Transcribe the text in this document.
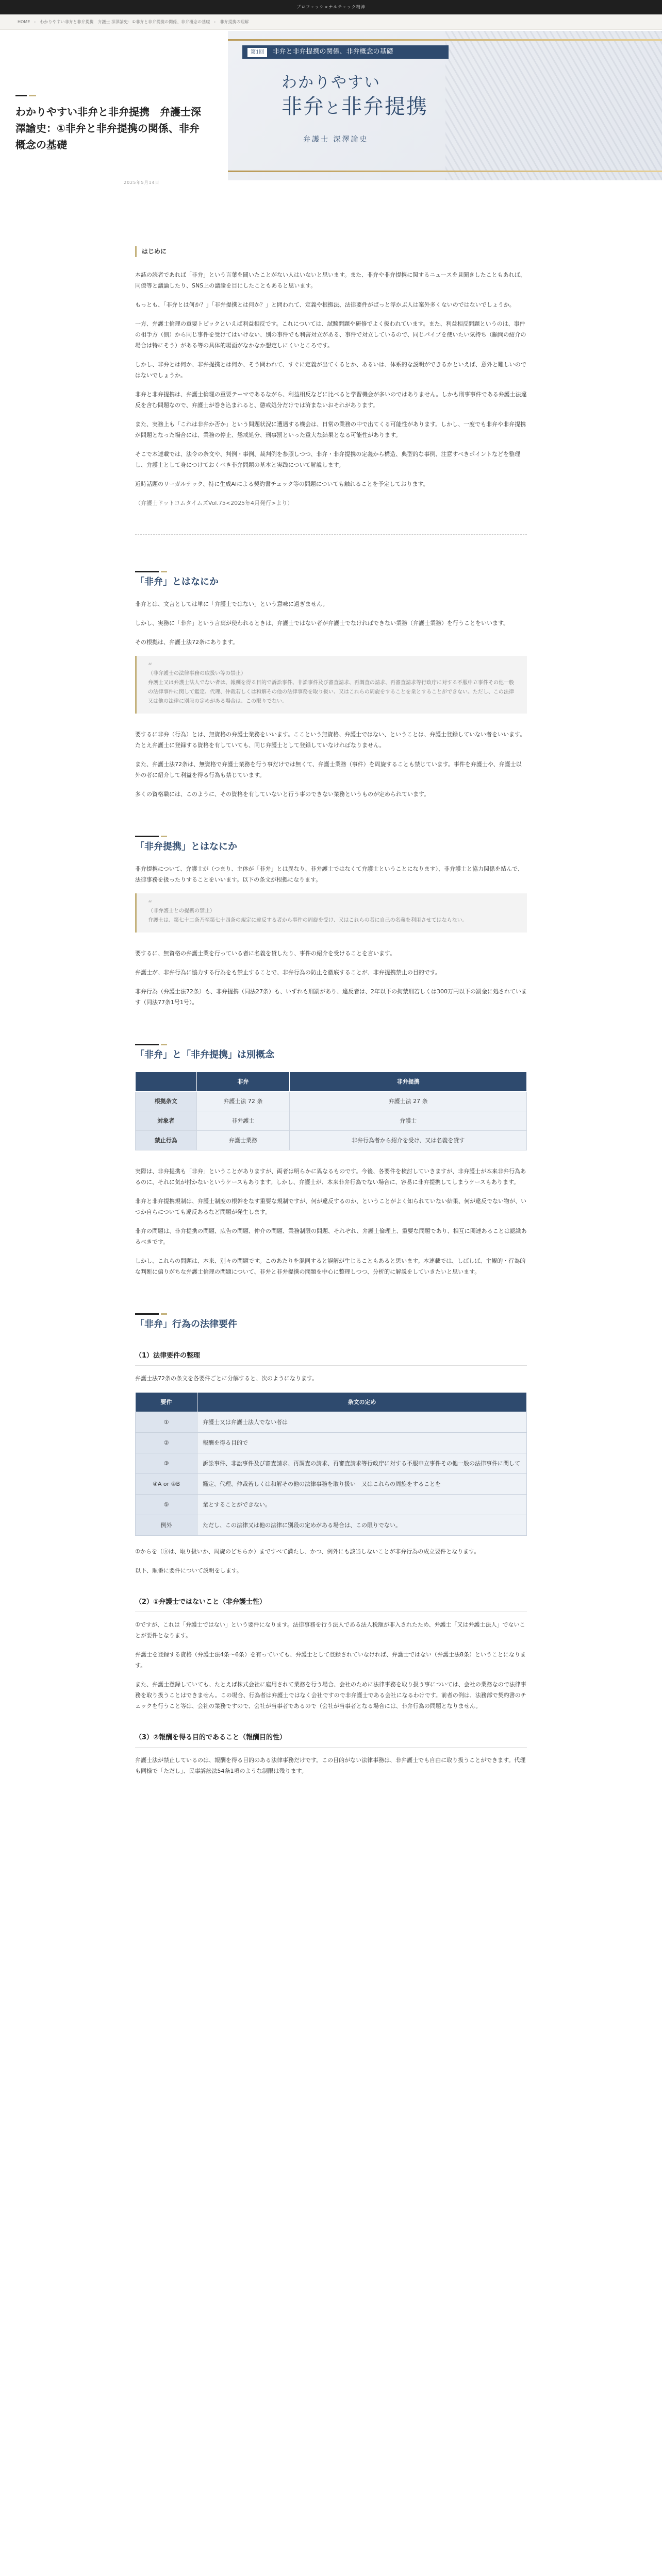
プロフェッショナルチェック精神
HOME › わかりやすい非弁と非弁提携　弁護士 深澤諭史：①非弁と非弁提携の関係、非弁概念の基礎 › 非弁提携の理解
わかりやすい非弁と非弁提携　弁護士深澤諭史：①非弁と非弁提携の関係、非弁概念の基礎
2025年5月14日
第1回 非弁と非弁提携の関係、非弁概念の基礎
わかりやすい
非弁と非弁提携
弁護士 深澤諭史
はじめに

本誌の読者であれば「非弁」という言葉を聞いたことがない人はいないと思います。また、非弁や非弁提携に関するニュースを見聞きしたこともあれば、同僚等と議論したり、SNS上の議論を目にしたこともあると思います。

もっとも、「非弁とは何か？」「非弁提携とは何か？」と問われて、定義や根拠法、法律要件がぱっと浮かぶ人は案外多くないのではないでしょうか。

一方、弁護士倫理の重要トピックといえば利益相反です。これについては、試験問題や研修でよく扱われています。また、利益相反問題というのは、事件の相手方（側）から同じ事件を受けてはいけない、別の事件でも利害対立がある、事件で対立しているので、同じパイプを使いたい気持ち（顧問の紹介の場合は特にそう）がある等の具体的場面がなかなか想定しにくいところです。

しかし、非弁とは何か、非弁提携とは何か、そう問われて、すぐに定義が出てくるとか、あるいは、体系的な説明ができるかといえば、意外と難しいのではないでしょうか。

非弁と非弁提携は、弁護士倫理の重要テーマであるながら、利益相反などに比べると学習機会が多いのではありません。しかも刑事事件である弁護士法違反を含む問題なので、弁護士が巻き込まれると、懲戒処分だけでは済まないおそれがあります。

また、実務上も「これは非弁か否か」という問題状況に遭遇する機会は、日常の業務の中で出てくる可能性があります。しかし、一度でも非弁や非弁提携が問題となった場合には、業務の停止、懲戒処分、刑事罰といった重大な結果となる可能性があります。

そこで本連載では、法令の条文や、判例・事例、裁判例を参照しつつ、非弁・非弁提携の定義から構造、典型的な事例、注意すべきポイントなどを整理し、弁護士として身につけておくべき非弁問題の基本と実践について解説します。

近時話題のリーガルテック、特に生成AIによる契約書チェック等の問題についても触れることを予定しております。

（弁護士ドットコムタイムズVol.75<2025年4月発行>より）

「非弁」とはなにか

非弁とは、文言としては単に「弁護士ではない」という意味に過ぎません。

しかし、実務に「非弁」という言葉が使われるときは、弁護士ではない者が弁護士でなければできない業務（弁護士業務）を行うことをいいます。

その根拠は、弁護士法72条にあります。

“
（非弁護士の法律事務の取扱い等の禁止）
弁護士又は弁護士法人でない者は、報酬を得る目的で訴訟事件、非訟事件及び審査請求、再調査の請求、再審査請求等行政庁に対する不服申立事件その他一般の法律事件に関して鑑定、代理、仲裁若しくは和解その他の法律事務を取り扱い、又はこれらの周旋をすることを業とすることができない。ただし、この法律又は他の法律に別段の定めがある場合は、この限りでない。

要するに非弁（行為）とは、無資格の弁護士業務をいいます。ここという無資格、弁護士ではない、ということは、弁護士登録していない者をいいます。たとえ弁護士に登録する資格を有していても、同じ弁護士として登録していなければなりません。

また、弁護士法72条は、無資格で弁護士業務を行う事だけでは無くて、弁護士業務（事件）を周旋することも禁じています。事件を弁護士や、弁護士以外の者に紹介して利益を得る行為も禁じています。

多くの資格職には、このように、その資格を有していないと行う事のできない業務というものが定められています。

「非弁提携」とはなにか

非弁提携について、弁護士が（つまり、主体が「非弁」とは異なり、非弁護士ではなくて弁護士ということになります）、非弁護士と協力関係を結んで、法律事務を扱ったりすることをいいます。以下の条文が根拠になります。

“
（非弁護士との提携の禁止）
弁護士は、第七十二条乃至第七十四条の規定に違反する者から事件の周旋を受け、又はこれらの者に自己の名義を利用させてはならない。

要するに、無資格の弁護士業を行っている者に名義を貸したり、事件の紹介を受けることを言います。

弁護士が、非弁行為に協力する行為をも禁止することで、非弁行為の防止を徹底することが、非弁提携禁止の目的です。

非弁行為（弁護士法72条）も、非弁提携（同法27条）も、いずれも刑罰があり、違反者は、2年以下の拘禁刑若しくは300万円以下の罰金に処されています（同法77条1号1号）。

「非弁」と「非弁提携」は別概念
	非弁	非弁提携
根拠条文	弁護士法 72 条	弁護士法 27 条
対象者	非弁護士	弁護士
禁止行為	弁護士業務	非弁行為者から紹介を受け、又は名義を貸す

実際は、非弁提携も「非弁」ということがありますが、両者は明らかに異なるものです。今後、各要件を検討していきますが、非弁護士が本来非弁行為あるのに、それに気が付かないというケースもあります。しかし、弁護士が、本来非弁行為でない場合に、容易に非弁提携してしまうケースもあります。

非弁と非弁提携規制は、弁護士制度の根幹をなす重要な規制ですが、何が違反するのか、ということがよく知られていない結果、何が違反でない物が、いつか自らについても違反あるなど問題が発生します。

非弁の問題は、非弁提携の問題、広告の問題、仲介の問題、業務制限の問題、それぞれ、弁護士倫理上、重要な問題であり、相互に関連あることは認識あるべきです。

しかし、これらの問題は、本来、別々の問題です。このあたりを混同すると誤解が生じることもあると思います。本連載では、しばしば、主観的・行為的な判断に偏りがちな弁護士倫理の問題について、非弁と非弁提携の問題を中心に整理しつつ、分析的に解説をしていきたいと思います。

「非弁」行為の法律要件
（1）法律要件の整理

弁護士法72条の条文を各要件ごとに分解すると、次のようになります。

要件	条文の定め
①	弁護士又は弁護士法人でない者は
②	報酬を得る目的で
③	訴訟事件、非訟事件及び審査請求、再調査の請求、再審査請求等行政庁に対する不服申立事件その他一般の法律事件に関して
④A or ④B	鑑定、代理、仲裁若しくは和解その他の法律事務を取り扱い　又はこれらの周旋をすることを
⑤	業とすることができない。
例外	ただし、この法律又は他の法律に別段の定めがある場合は、この限りでない。

①からを（ⓐは、取り扱いか、周旋のどちらか）まですべて満たし、かつ、例外にも該当しないことが非弁行為の成立要件となります。

以下、順番に要件について説明をします。

（2）①弁護士ではないこと（非弁護士性）

①ですが、これは「弁護士ではない」という要件になります。法律事務を行う法人である法人税額が非入されたため、弁護士「又は弁護士法人」でないことが要件となります。

弁護士を登録する資格（弁護士法4条〜6条）を有っていても、弁護士として登録されていなければ、弁護士ではない（弁護士法8条）ということになります。

また、弁護士登録していても、たとえば株式会社に雇用されて業務を行う場合、会社のために法律事務を取り扱う事については、会社の業務なので法律事務を取り扱うことはできません。この場合、行為者は弁護士ではなく会社ですので非弁護士である会社になるわけです。前者の例は、法務部で契約書のチェックを行うこと等は、会社の業務ですので、会社が当事者であるので（会社が当事者となる場合には、非弁行為の問題となりません。

（3）②報酬を得る目的であること（報酬目的性）

弁護士法が禁止しているのは、報酬を得る目的のある法律事務だけです。この目的がない法律事務は、非弁護士でも自由に取り扱うことができます。代理も同様で「ただし」、民事訴訟法54条1項のような制限は残ります。
